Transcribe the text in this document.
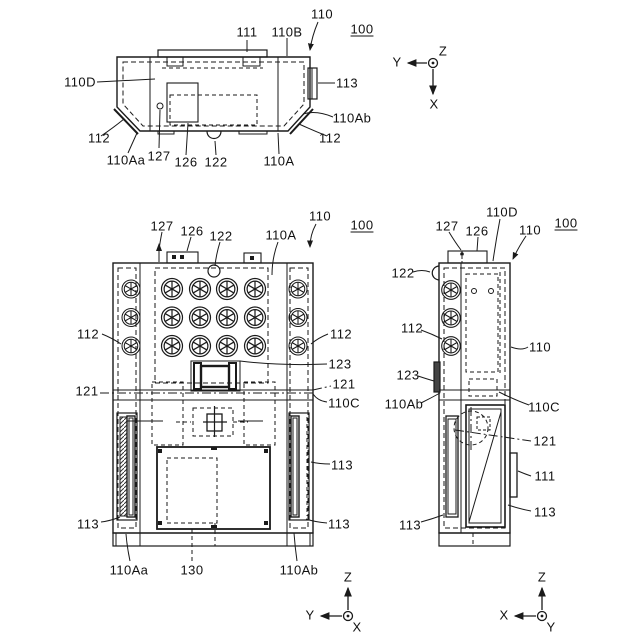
111 110B
110
100
110D	113
110Ab
112
112
110Aa 127 126 122	110A
127 126 122	110A
110
100
112	112
123
121	121
110C
113
113
113
110Aa 130	110Ab
127 126
110D
110 100
122
112
110
123
110Ab	110C
121
111
113
113
Y
X
Z
Y
Z
X
X
Z
Y
